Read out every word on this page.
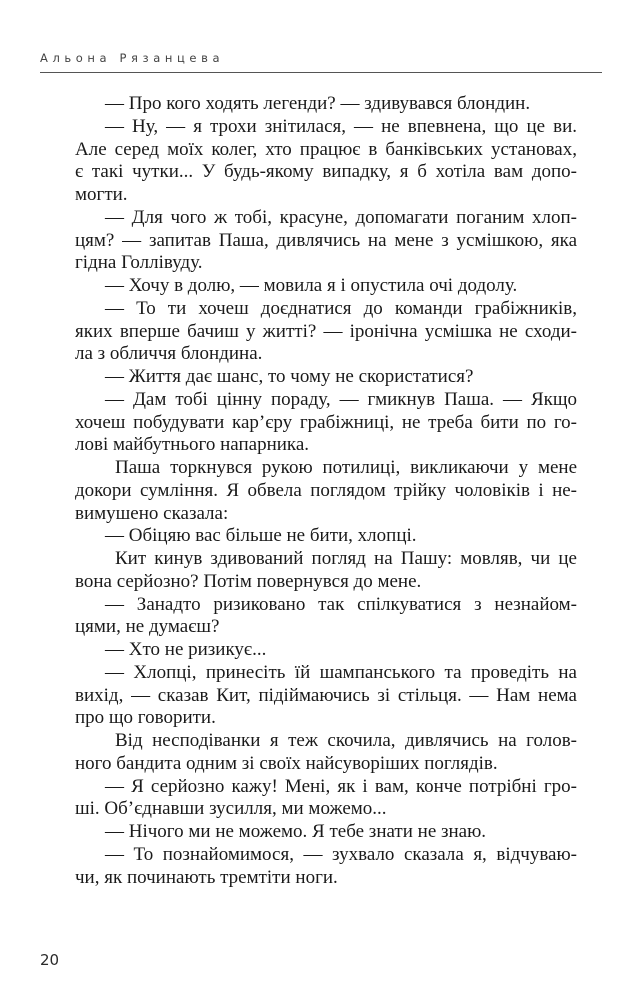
Альона Рязанцева
— Про кого ходять легенди? — здивувався блондин.
— Ну, — я трохи знітилася, — не впевнена, що це ви.
Але серед моїх колег, хто працює в банківських установах,
є такі чутки... У будь-якому випадку, я б хотіла вам допо-
могти.
— Для чого ж тобі, красуне, допомагати поганим хлоп-
цям? — запитав Паша, дивлячись на мене з усмішкою, яка
гідна Голлівуду.
— Хочу в долю, — мовила я і опустила очі додолу.
— То ти хочеш доєднатися до команди грабіжників,
яких вперше бачиш у житті? — іронічна усмішка не сходи-
ла з обличчя блондина.
— Життя дає шанс, то чому не скористатися?
— Дам тобі цінну пораду, — гмикнув Паша. — Якщо
хочеш побудувати кар’єру грабіжниці, не треба бити по го-
лові майбутнього напарника.
Паша торкнувся рукою потилиці, викликаючи у мене
докори сумління. Я обвела поглядом трійку чоловіків і не-
вимушено сказала:
— Обіцяю вас більше не бити, хлопці.
Кит кинув здивований погляд на Пашу: мовляв, чи це
вона серйозно? Потім повернувся до мене.
— Занадто ризиковано так спілкуватися з незнайом-
цями, не думаєш?
— Хто не ризикує...
— Хлопці, принесіть їй шампанського та проведіть на
вихід, — сказав Кит, підіймаючись зі стільця. — Нам нема
про що говорити.
Від несподіванки я теж скочила, дивлячись на голов-
ного бандита одним зі своїх найсуворіших поглядів.
— Я серйозно кажу! Мені, як і вам, конче потрібні гро-
ші. Об’єднавши зусилля, ми можемо...
— Нічого ми не можемо. Я тебе знати не знаю.
— То познайомимося, — зухвало сказала я, відчуваю-
чи, як починають тремтіти ноги.
20
